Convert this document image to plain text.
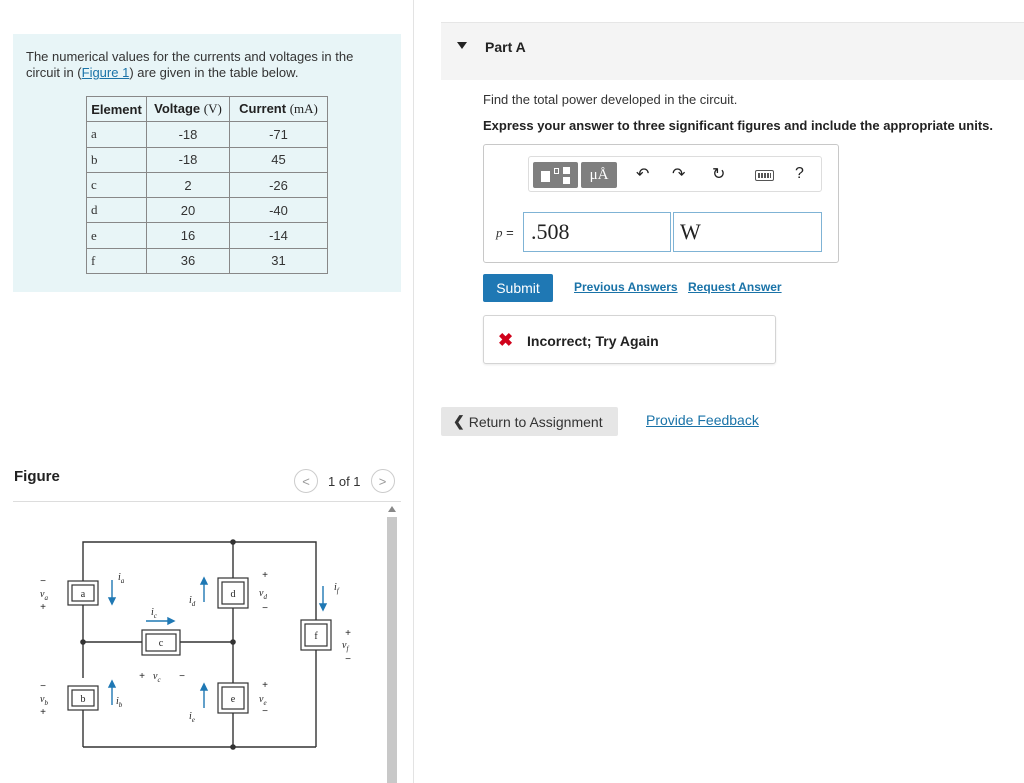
The numerical values for the currents and voltages in the circuit in (Figure 1) are given in the table below.
Element	Voltage (V)	Current (mA)
a	-18	-71
b	-18	45
c	2	-26
d	20	-40
e	16	-14
f	36	31
Figure	<	1 of 1	>
a
b
c
d
e
f
$i_a$
$i_b$
$i_c$
$i_d$
$i_e$
$i_f$
$v_a$
$v_b$
$v_c$
$v_d$
$v_e$
$v_f$
−
+
−
+
+	−
+
−
+
−
+
−
Part A
Find the total power developed in the circuit.
Express your answer to three significant figures and include the appropriate units.
μÅ	↶ ↷ ↻	?
p = .508	W
Submit	Previous Answers Request Answer
✖ Incorrect; Try Again
❮ Return to Assignment	Provide Feedback
